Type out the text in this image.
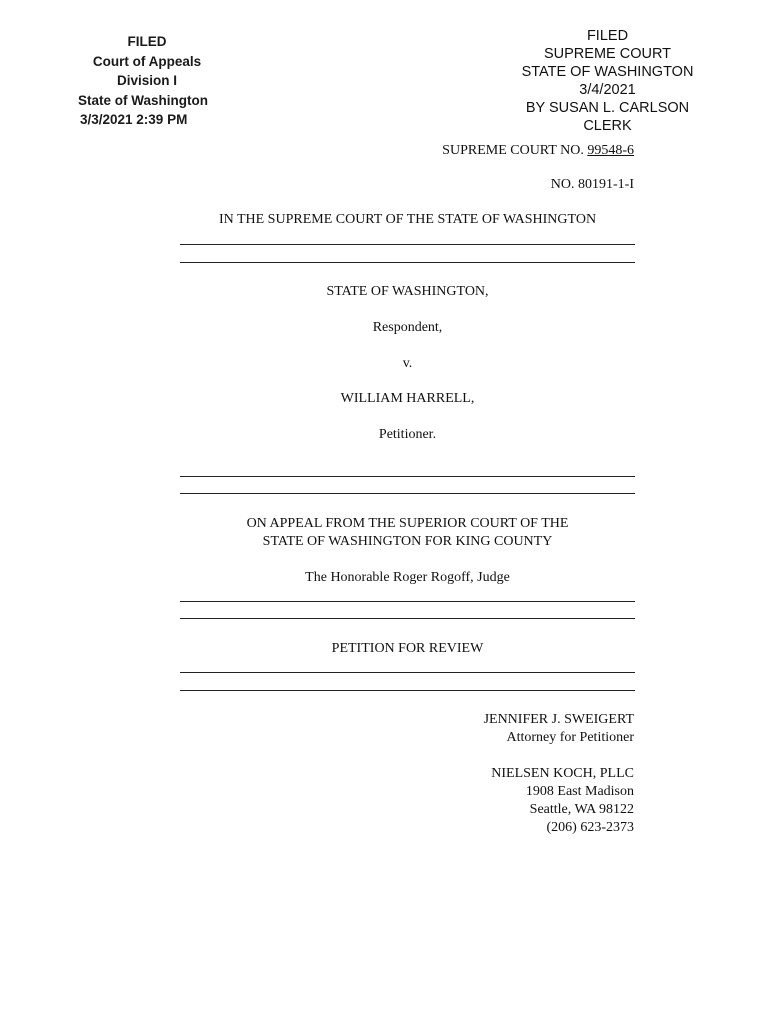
FILED
Court of Appeals
Division I
State of Washington
3/3/2021 2:39 PM
FILED
SUPREME COURT
STATE OF WASHINGTON
3/4/2021
BY SUSAN L. CARLSON
CLERK
SUPREME COURT NO. 99548-6
NO. 80191-1-I
IN THE SUPREME COURT OF THE STATE OF WASHINGTON
STATE OF WASHINGTON,
Respondent,
v.
WILLIAM HARRELL,
Petitioner.
ON APPEAL FROM THE SUPERIOR COURT OF THE
STATE OF WASHINGTON FOR KING COUNTY
The Honorable Roger Rogoff, Judge
PETITION FOR REVIEW
JENNIFER J. SWEIGERT
Attorney for Petitioner
NIELSEN KOCH, PLLC
1908 East Madison
Seattle, WA 98122
(206) 623-2373
